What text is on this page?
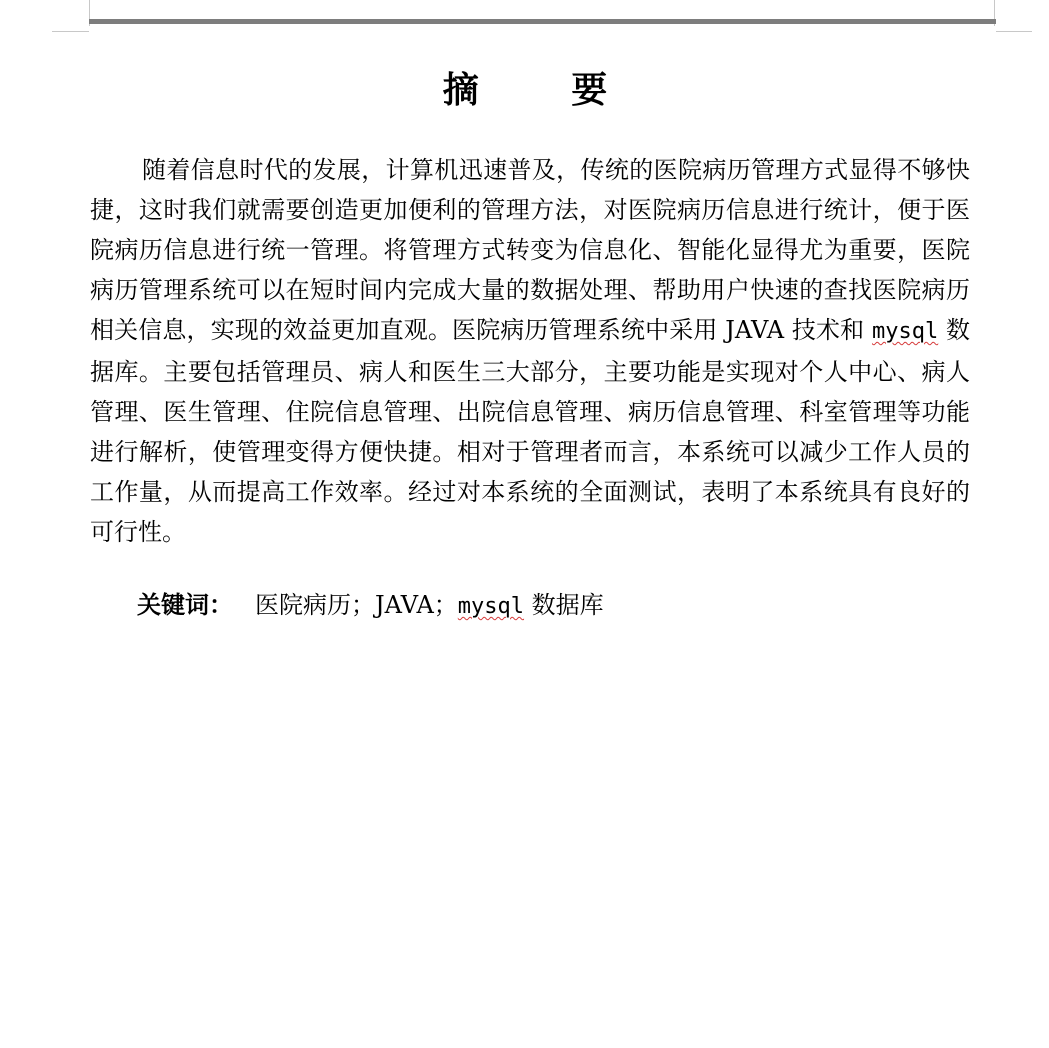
摘 要

随着信息时代的发展，计算机迅速普及，传统的医院病历管理方式显得不够快捷，这时我们就需要创造更加便利的管理方法，对医院病历信息进行统计，便于医院病历信息进行统一管理。将管理方式转变为信息化、智能化显得尤为重要，医院病历管理系统可以在短时间内完成大量的数据处理、帮助用户快速的查找医院病历相关信息，实现的效益更加直观。医院病历管理系统中采用 JAVA 技术和 mysql 数据库。主要包括管理员、病人和医生三大部分，主要功能是实现对个人中心、病人管理、医生管理、住院信息管理、出院信息管理、病历信息管理、科室管理等功能进行解析，使管理变得方便快捷。相对于管理者而言，本系统可以减少工作人员的工作量，从而提高工作效率。经过对本系统的全面测试，表明了本系统具有良好的可行性。

关键词： 医院病历；JAVA；mysql 数据库
